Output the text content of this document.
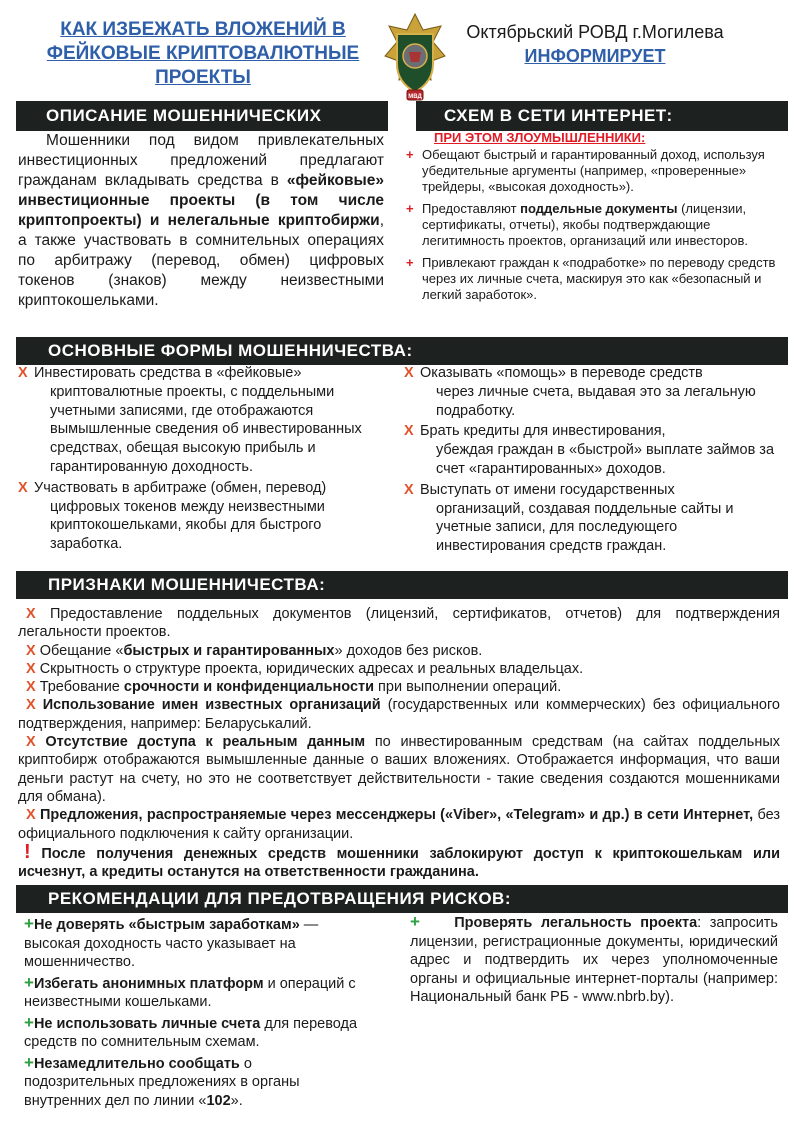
КАК ИЗБЕЖАТЬ ВЛОЖЕНИЙ В ФЕЙКОВЫЕ КРИПТОВАЛЮТНЫЕ ПРОЕКТЫ
МВД
Октябрьский РОВД г.Могилева
ИНФОРМИРУЕТ
ОПИСАНИЕ МОШЕННИЧЕСКИХ	СХЕМ В СЕТИ ИНТЕРНЕТ:
Мошенники под видом привлекательных инвестиционных предложений предлагают гражданам вкладывать средства в «фейковые» инвестиционные проекты (в том числе криптопроекты) и нелегальные криптобиржи, а также участвовать в сомнительных операциях по арбитражу (перевод, обмен) цифровых токенов (знаков) между неизвестными криптокошельками.
ПРИ ЭТОМ ЗЛОУМЫШЛЕННИКИ:
+ Обещают быстрый и гарантированный доход, используя убедительные аргументы (например, «проверенные» трейдеры, «высокая доходность»).
+ Предоставляют поддельные документы (лицензии, сертификаты, отчеты), якобы подтверждающие легитимность проектов, организаций или инвесторов.
+ Привлекают граждан к «подработке» по переводу средств через их личные счета, маскируя это как «безопасный и легкий заработок».
ОСНОВНЫЕ ФОРМЫ МОШЕННИЧЕСТВА:
X Инвестировать средства в «фейковые»
криптовалютные проекты, с поддельными учетными записями, где отображаются вымышленные сведения об инвестированных средствах, обещая высокую прибыль и гарантированную доходность.
X Участвовать в арбитраже (обмен, перевод)
цифровых токенов между неизвестными криптокошельками, якобы для быстрого заработка.
X Оказывать «помощь» в переводе средств
через личные счета, выдавая это за легальную подработку.
X Брать кредиты для инвестирования,
убеждая граждан в «быстрой» выплате займов за счет «гарантированных» доходов.
X Выступать от имени государственных
организаций, создавая поддельные сайты и учетные записи, для последующего инвестирования средств граждан.
ПРИЗНАКИ МОШЕННИЧЕСТВА:

X Предоставление поддельных документов (лицензий, сертификатов, отчетов) для подтверждения легальности проектов.

X Обещание «быстрых и гарантированных» доходов без рисков.

X Скрытность о структуре проекта, юридических адресах и реальных владельцах.

X Требование срочности и конфиденциальности при выполнении операций.

X Использование имен известных организаций (государственных или коммерческих) без официального подтверждения, например: Беларуськалий.

X Отсутствие доступа к реальным данным по инвестированным средствам (на сайтах поддельных криптобирж отображаются вымышленные данные о ваших вложениях. Отображается информация, что ваши деньги растут на счету, но это не соответствует действительности - такие сведения создаются мошенниками для обмана).

X Предложения, распространяемые через мессенджеры («Viber», «Telegram» и др.) в сети Интернет, без официального подключения к сайту организации.

! После получения денежных средств мошенники заблокируют доступ к криптокошелькам или исчезнут, а кредиты останутся на ответственности гражданина.

РЕКОМЕНДАЦИИ ДЛЯ ПРЕДОТВРАЩЕНИЯ РИСКОВ:
+Не доверять «быстрым заработкам» — высокая доходность часто указывает на мошенничество.
+Избегать анонимных платформ и операций с неизвестными кошельками.
+Не использовать личные счета для перевода средств по сомнительным схемам.
+Незамедлительно сообщать о подозрительных предложениях в органы внутренних дел по линии «102».
+ Проверять легальность проекта: запросить лицензии, регистрационные документы, юридический адрес и подтвердить их через уполномоченные органы и официальные интернет-порталы (например: Национальный банк РБ - www.nbrb.by).
